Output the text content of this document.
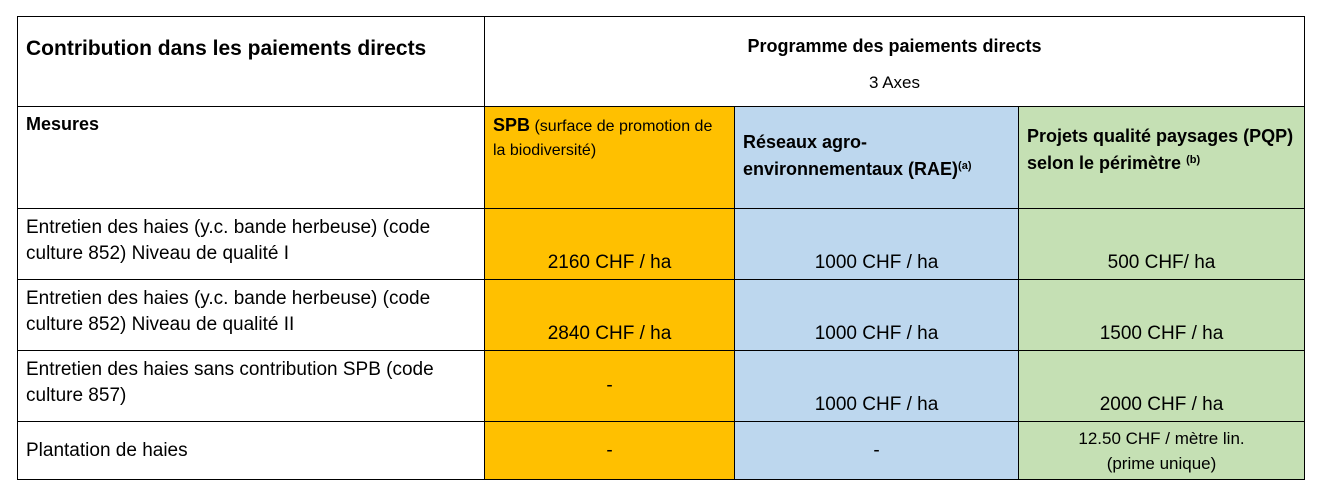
Contribution dans les paiements directs	Programme des paiements directs
3 Axes		

Mesures	SPB (surface de promotion de la biodiversité)	Réseaux agro-environnementaux (RAE)$^{(a)}$	Projets qualité paysages (PQP) selon le périmètre $^{(b)}$
Entretien des haies (y.c. bande herbeuse) (code culture 852) Niveau de qualité I	2160 CHF / ha	1000 CHF / ha	500 CHF/ ha
Entretien des haies (y.c. bande herbeuse) (code culture 852) Niveau de qualité II	2840 CHF / ha	1000 CHF / ha	1500 CHF / ha
Entretien des haies sans contribution SPB (code culture 857)	-	1000 CHF / ha	2000 CHF / ha
Plantation de haies	-	-	12.50 CHF / mètre lin.
(prime unique)
